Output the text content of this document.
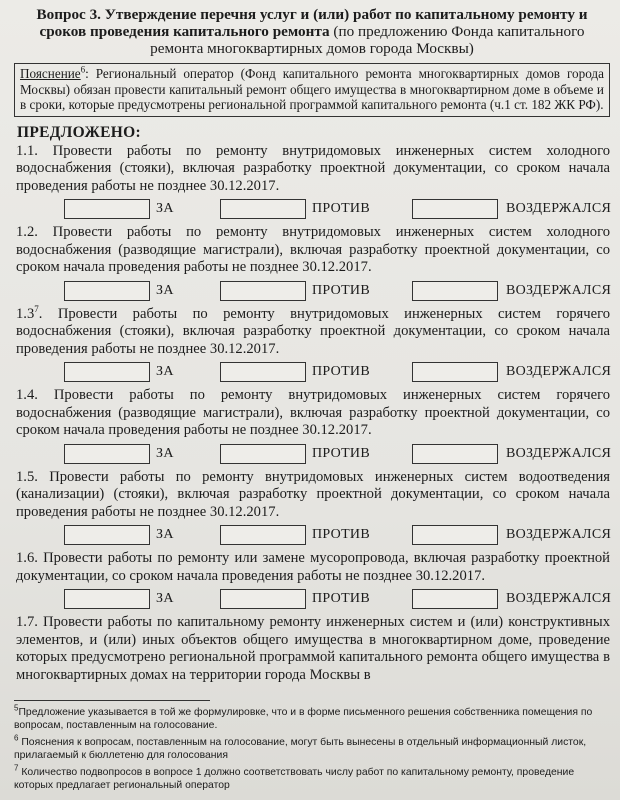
Вопрос 3. Утверждение перечня услуг и (или) работ по капитальному ремонту и сроков проведения капитального ремонта (по предложению Фонда капитального ремонта многоквартирных домов города Москвы)
Пояснение$^6$: Региональный оператор (Фонд капитального ремонта многоквартирных домов города Москвы) обязан провести капитальный ремонт общего имущества в многоквартирном доме в объеме и в сроки, которые предусмотрены региональной программой капитального ремонта (ч.1 ст. 182 ЖК РФ).
ПРЕДЛОЖЕНО:
1.1. Провести работы по ремонту внутридомовых инженерных систем холодного водоснабжения (стояки), включая разработку проектной документации, со сроком начала проведения работы не позднее 30.12.2017.
ЗА	ПРОТИВ	ВОЗДЕРЖАЛСЯ
1.2. Провести работы по ремонту внутридомовых инженерных систем холодного водоснабжения (разводящие магистрали), включая разработку проектной документации, со сроком начала проведения работы не позднее 30.12.2017.
ЗА	ПРОТИВ	ВОЗДЕРЖАЛСЯ
$1.3^7$. Провести работы по ремонту внутридомовых инженерных систем горячего водоснабжения (стояки), включая разработку проектной документации, со сроком начала проведения работы не позднее 30.12.2017.
ЗА	ПРОТИВ	ВОЗДЕРЖАЛСЯ
1.4. Провести работы по ремонту внутридомовых инженерных систем горячего водоснабжения (разводящие магистрали), включая разработку проектной документации, со сроком начала проведения работы не позднее 30.12.2017.
ЗА	ПРОТИВ	ВОЗДЕРЖАЛСЯ
1.5. Провести работы по ремонту внутридомовых инженерных систем водоотведения (канализации) (стояки), включая разработку проектной документации, со сроком начала проведения работы не позднее 30.12.2017.
ЗА	ПРОТИВ	ВОЗДЕРЖАЛСЯ
1.6. Провести работы по ремонту или замене мусоропровода, включая разработку проектной документации, со сроком начала проведения работы не позднее 30.12.2017.
ЗА	ПРОТИВ	ВОЗДЕРЖАЛСЯ
1.7. Провести работы по капитальному ремонту инженерных систем и (или) конструктивных элементов, и (или) иных объектов общего имущества в многоквартирном доме, проведение которых предусмотрено региональной программой капитального ремонта общего имущества в многоквартирных домах на территории города Москвы в
$^5$Предложение указывается в той же формулировке, что и в форме письменного решения собственника помещения по вопросам, поставленным на голосование.
$^6$ Пояснения к вопросам, поставленным на голосование, могут быть вынесены в отдельный информационный листок, прилагаемый к бюллетеню для голосования
$^7$ Количество подвопросов в вопросе 1 должно соответствовать числу работ по капитальному ремонту, проведение которых предлагает региональный оператор
